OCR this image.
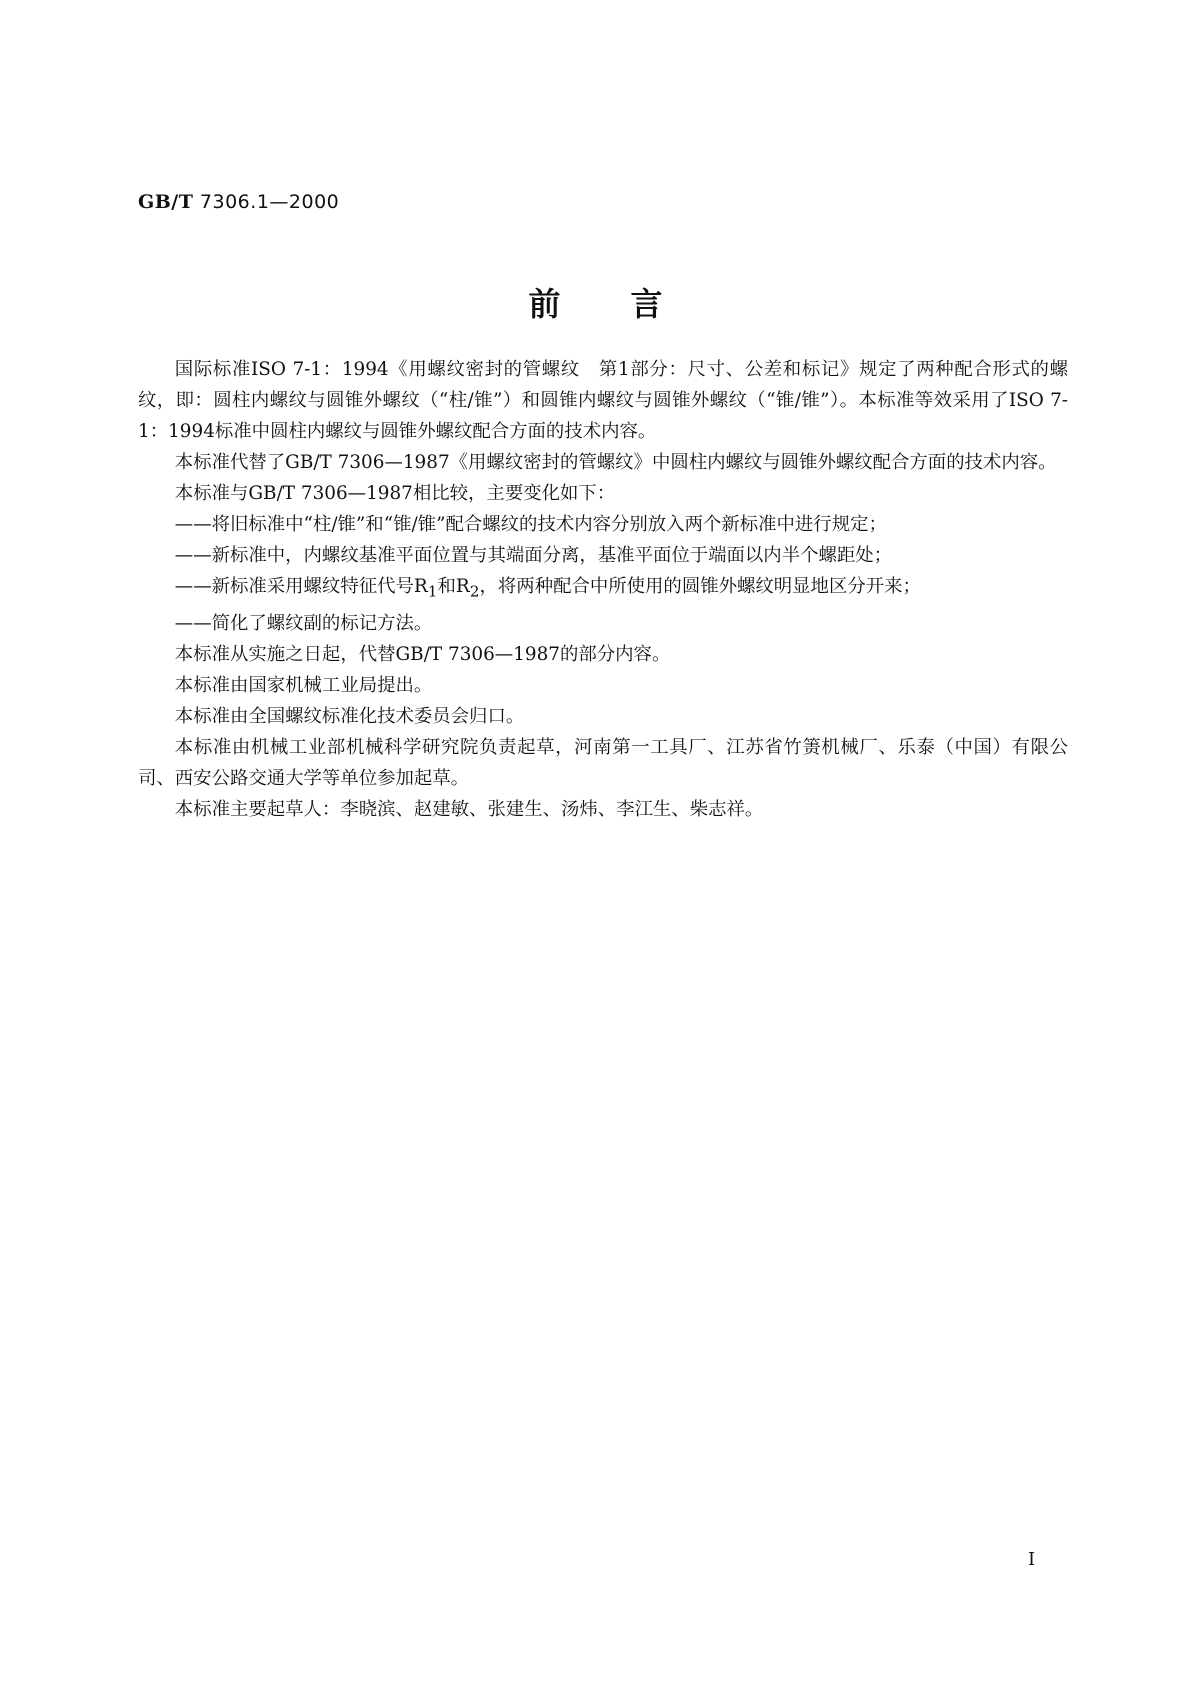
GB/T 7306.1—2000
前言

国际标准ISO 7-1：1994《用螺纹密封的管螺纹　第1部分：尺寸、公差和标记》规定了两种配合形式的螺纹，即：圆柱内螺纹与圆锥外螺纹（“柱/锥”）和圆锥内螺纹与圆锥外螺纹（“锥/锥”）。本标准等效采用了ISO 7-1：1994标准中圆柱内螺纹与圆锥外螺纹配合方面的技术内容。

本标准代替了GB/T 7306—1987《用螺纹密封的管螺纹》中圆柱内螺纹与圆锥外螺纹配合方面的技术内容。

本标准与GB/T 7306—1987相比较，主要变化如下：

——将旧标准中“柱/锥”和“锥/锥”配合螺纹的技术内容分别放入两个新标准中进行规定；

——新标准中，内螺纹基准平面位置与其端面分离，基准平面位于端面以内半个螺距处；

——新标准采用螺纹特征代号$R_1$和$R_2$，将两种配合中所使用的圆锥外螺纹明显地区分开来；

——简化了螺纹副的标记方法。

本标准从实施之日起，代替GB/T 7306—1987的部分内容。

本标准由国家机械工业局提出。

本标准由全国螺纹标准化技术委员会归口。

本标准由机械工业部机械科学研究院负责起草，河南第一工具厂、江苏省竹箦机械厂、乐泰（中国）有限公司、西安公路交通大学等单位参加起草。

本标准主要起草人：李晓滨、赵建敏、张建生、汤炜、李江生、柴志祥。

I
